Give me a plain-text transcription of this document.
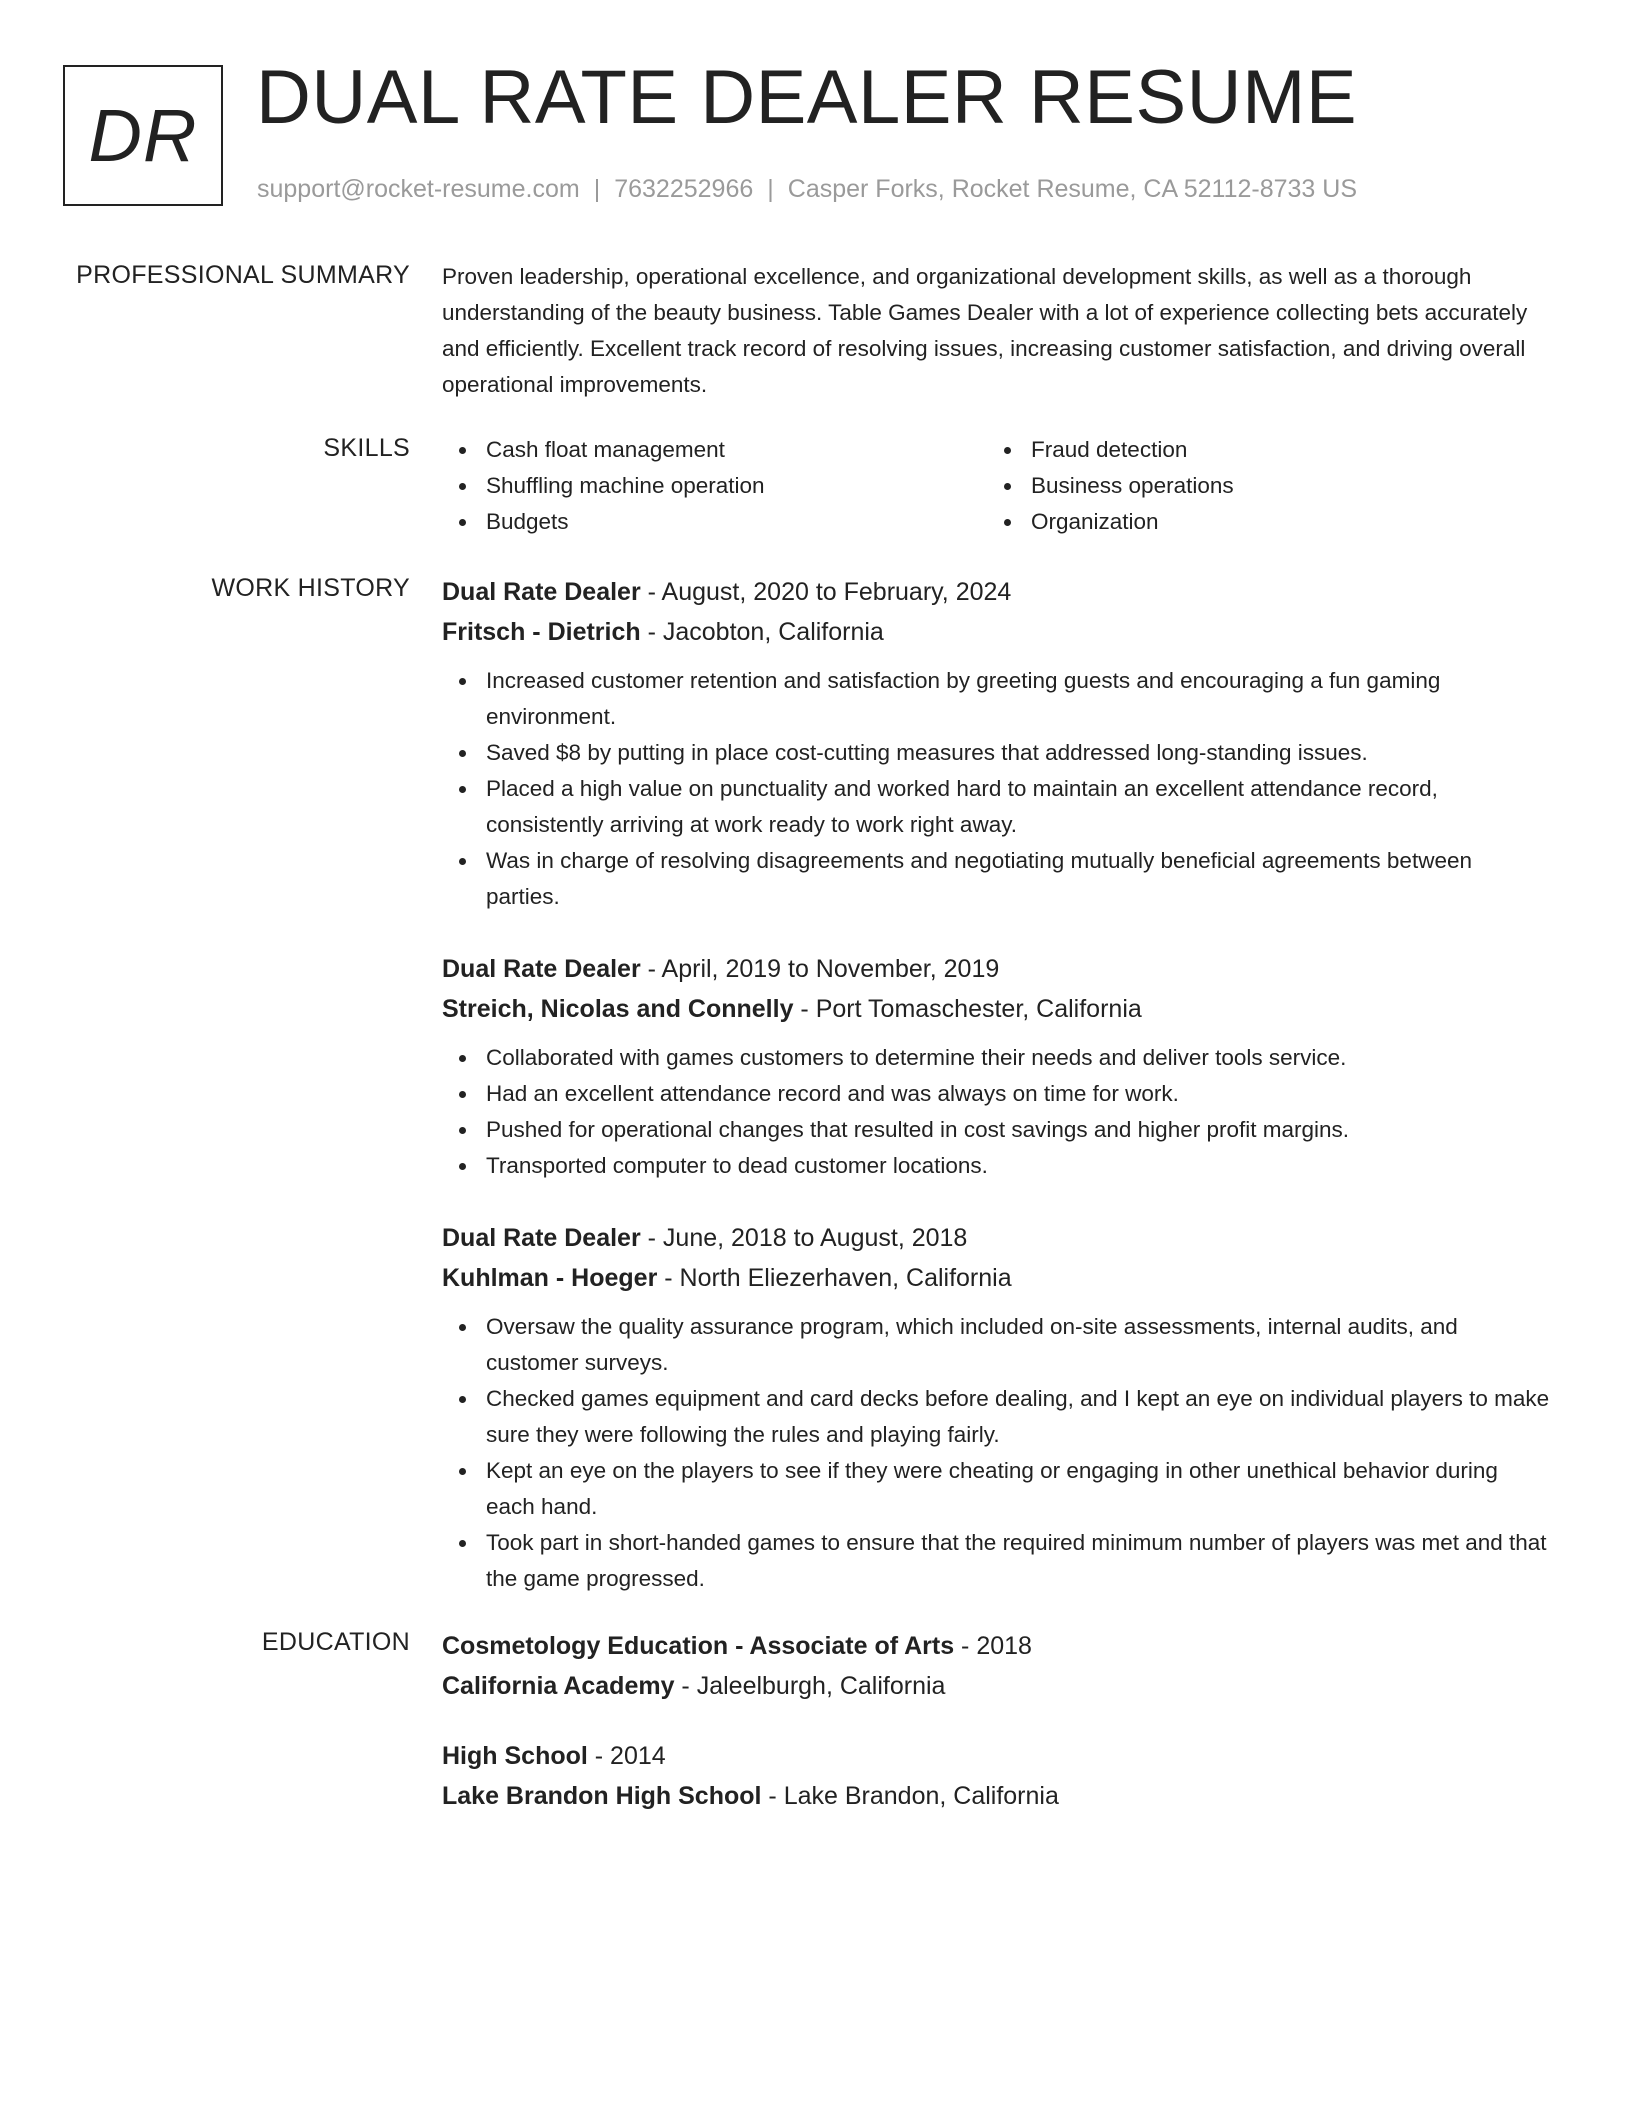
DR DUAL RATE DEALER RESUME
support@rocket-resume.com | 7632252966 | Casper Forks, Rocket Resume, CA 52112-8733 US
PROFESSIONAL SUMMARY Proven leadership, operational excellence, and organizational development skills, as well as a thorough understanding of the beauty business. Table Games Dealer with a lot of experience collecting bets accurately and efficiently. Excellent track record of resolving issues, increasing customer satisfaction, and driving overall operational improvements.

SKILLS	Cash float management
Shuffling machine operation
Budgets
Fraud detection
Business operations
Organization
WORK HISTORY Dual Rate Dealer - August, 2020 to February, 2024
Fritsch - Dietrich - Jacobton, California
Increased customer retention and satisfaction by greeting guests and encouraging a fun gaming environment.
Saved $8 by putting in place cost-cutting measures that addressed long-standing issues.
Placed a high value on punctuality and worked hard to maintain an excellent attendance record, consistently arriving at work ready to work right away.
Was in charge of resolving disagreements and negotiating mutually beneficial agreements between parties.
Dual Rate Dealer - April, 2019 to November, 2019
Streich, Nicolas and Connelly - Port Tomaschester, California
Collaborated with games customers to determine their needs and deliver tools service.
Had an excellent attendance record and was always on time for work.
Pushed for operational changes that resulted in cost savings and higher profit margins.
Transported computer to dead customer locations.
Dual Rate Dealer - June, 2018 to August, 2018
Kuhlman - Hoeger - North Eliezerhaven, California
Oversaw the quality assurance program, which included on-site assessments, internal audits, and customer surveys.
Checked games equipment and card decks before dealing, and I kept an eye on individual players to make sure they were following the rules and playing fairly.
Kept an eye on the players to see if they were cheating or engaging in other unethical behavior during each hand.
Took part in short-handed games to ensure that the required minimum number of players was met and that the game progressed.
EDUCATION Cosmetology Education - Associate of Arts - 2018
California Academy - Jaleelburgh, California
High School - 2014
Lake Brandon High School - Lake Brandon, California
